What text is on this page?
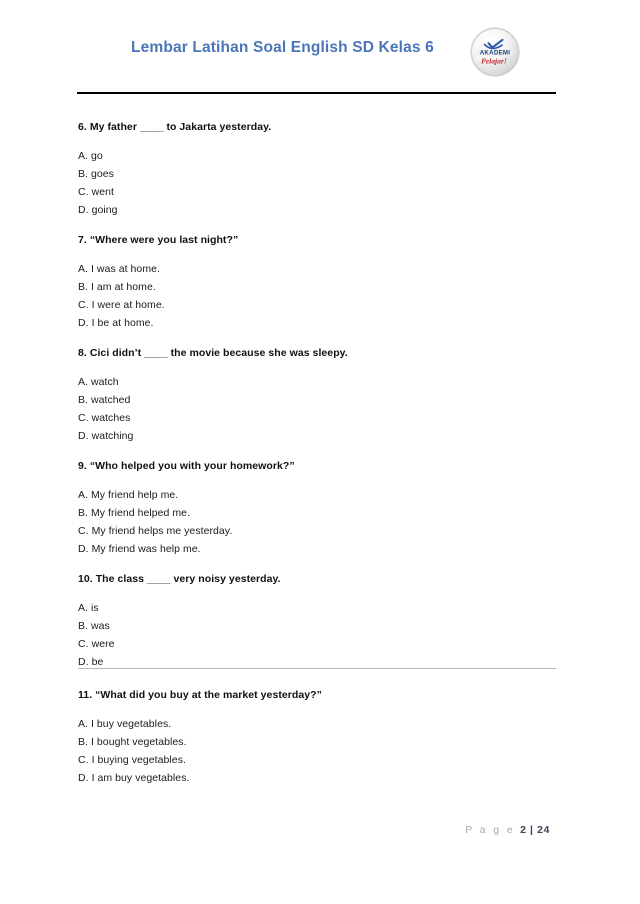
Lembar Latihan Soal English SD Kelas 6	AKADEMI
Pelajar!
6. My father ____ to Jakarta yesterday.
A. go
B. goes
C. went
D. going
7. “Where were you last night?”
A. I was at home.
B. I am at home.
C. I were at home.
D. I be at home.
8. Cici didn’t ____ the movie because she was sleepy.
A. watch
B. watched
C. watches
D. watching
9. “Who helped you with your homework?”
A. My friend help me.
B. My friend helped me.
C. My friend helps me yesterday.
D. My friend was help me.
10. The class ____ very noisy yesterday.
A. is
B. was
C. were
D. be
11. “What did you buy at the market yesterday?”
A. I buy vegetables.
B. I bought vegetables.
C. I buying vegetables.
D. I am buy vegetables.
P a g e 2 | 24
